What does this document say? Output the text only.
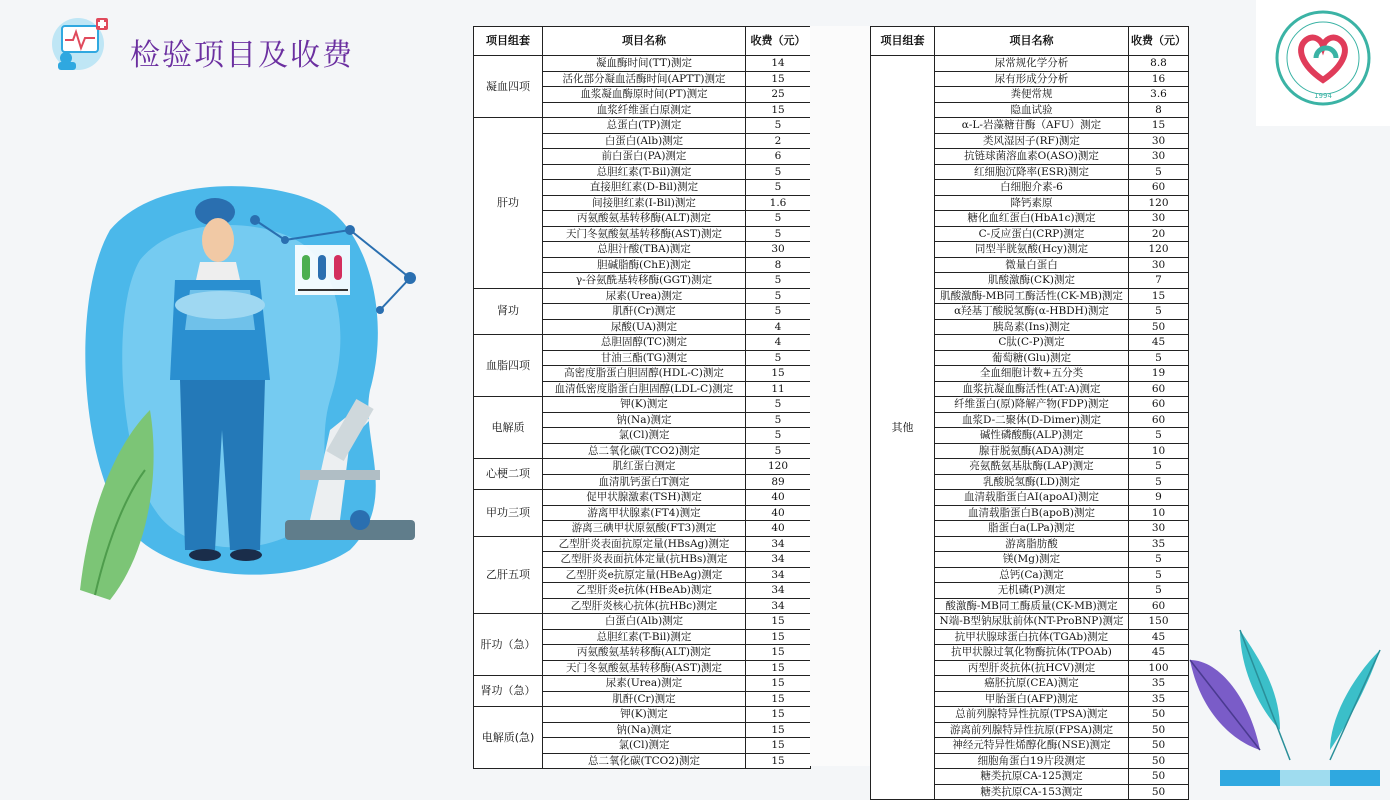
检验项目及收费	项目组套	项目名称	收费（元）
凝血四项	凝血酶时间(TT)测定	14
	活化部分凝血活酶时间(APTT)测定	15
	血浆凝血酶原时间(PT)测定	25
	血浆纤维蛋白原测定	15
肝功	总蛋白(TP)测定	5
	白蛋白(Alb)测定	2
	前白蛋白(PA)测定	6
	总胆红素(T-Bil)测定	5
	直接胆红素(D-Bil)测定	5
	间接胆红素(I-Bil)测定	1.6
	丙氨酸氨基转移酶(ALT)测定	5
	天门冬氨酸氨基转移酶(AST)测定	5
	总胆汁酸(TBA)测定	30
	胆碱脂酶(ChE)测定	8
	γ-谷氨酰基转移酶(GGT)测定	5
肾功	尿素(Urea)测定	5
	肌酐(Cr)测定	5
	尿酸(UA)测定	4
血脂四项	总胆固醇(TC)测定	4
	甘油三酯(TG)测定	5
	高密度脂蛋白胆固醇(HDL-C)测定	15
	血清低密度脂蛋白胆固醇(LDL-C)测定	11
电解质	钾(K)测定	5
	钠(Na)测定	5
	氯(Cl)测定	5
	总二氧化碳(TCO2)测定	5
心梗二项	肌红蛋白测定	120
	血清肌钙蛋白T测定	89
甲功三项	促甲状腺激素(TSH)测定	40
	游离甲状腺素(FT4)测定	40
	游离三碘甲状原氨酸(FT3)测定	40
乙肝五项	乙型肝炎表面抗原定量(HBsAg)测定	34
	乙型肝炎表面抗体定量(抗HBs)测定	34
	乙型肝炎e抗原定量(HBeAg)测定	34
	乙型肝炎e抗体(HBeAb)测定	34
	乙型肝炎核心抗体(抗HBc)测定	34
肝功（急）	白蛋白(Alb)测定	15
	总胆红素(T-Bil)测定	15
	丙氨酸氨基转移酶(ALT)测定	15
	天门冬氨酸氨基转移酶(AST)测定	15
肾功（急）	尿素(Urea)测定	15
	肌酐(Cr)测定	15
电解质(急)	钾(K)测定	15
	钠(Na)测定	15
	氯(Cl)测定	15
	总二氧化碳(TCO2)测定	15
项目组套	项目名称	收费（元）
其他	尿常规化学分析	8.8
	尿有形成分分析	16
	粪便常规	3.6
	隐血试验	8
	α-L-岩藻糖苷酶（AFU）测定	15
	类风湿因子(RF)测定	30
	抗链球菌溶血素O(ASO)测定	30
	红细胞沉降率(ESR)测定	5
	白细胞介素-6	60
	降钙素原	120
	糖化血红蛋白(HbA1c)测定	30
	C-反应蛋白(CRP)测定	20
	同型半胱氨酸(Hcy)测定	120
	微量白蛋白	30
	肌酸激酶(CK)测定	7
	肌酸激酶-MB同工酶活性(CK-MB)测定	15
	α羟基丁酸脱氢酶(α-HBDH)测定	5
	胰岛素(Ins)测定	50
	C肽(C-P)测定	45
	葡萄糖(Glu)测定	5
	全血细胞计数+五分类	19
	血浆抗凝血酶活性(AT:A)测定	60
	纤维蛋白(原)降解产物(FDP)测定	60
	血浆D-二聚体(D-Dimer)测定	60
	碱性磷酸酶(ALP)测定	5
	腺苷脱氨酶(ADA)测定	10
	亮氨酰氨基肽酶(LAP)测定	5
	乳酸脱氢酶(LD)测定	5
	血清载脂蛋白AI(apoAI)测定	9
	血清载脂蛋白B(apoB)测定	10
	脂蛋白a(LPa)测定	30
	游离脂肪酸	35
	镁(Mg)测定	5
	总钙(Ca)测定	5
	无机磷(P)测定	5
	酸激酶-MB同工酶质量(CK-MB)测定	60
	N端-B型钠尿肽前体(NT-ProBNP)测定	150
	抗甲状腺球蛋白抗体(TGAb)测定	45
	抗甲状腺过氧化物酶抗体(TPOAb)	45
	丙型肝炎抗体(抗HCV)测定	100
	癌胚抗原(CEA)测定	35
	甲胎蛋白(AFP)测定	35
	总前列腺特异性抗原(TPSA)测定	50
	游离前列腺特异性抗原(FPSA)测定	50
	神经元特异性烯醇化酶(NSE)测定	50
	细胞角蛋白19片段测定	50
	糖类抗原CA-125测定	50
	糖类抗原CA-153测定	50
1994
